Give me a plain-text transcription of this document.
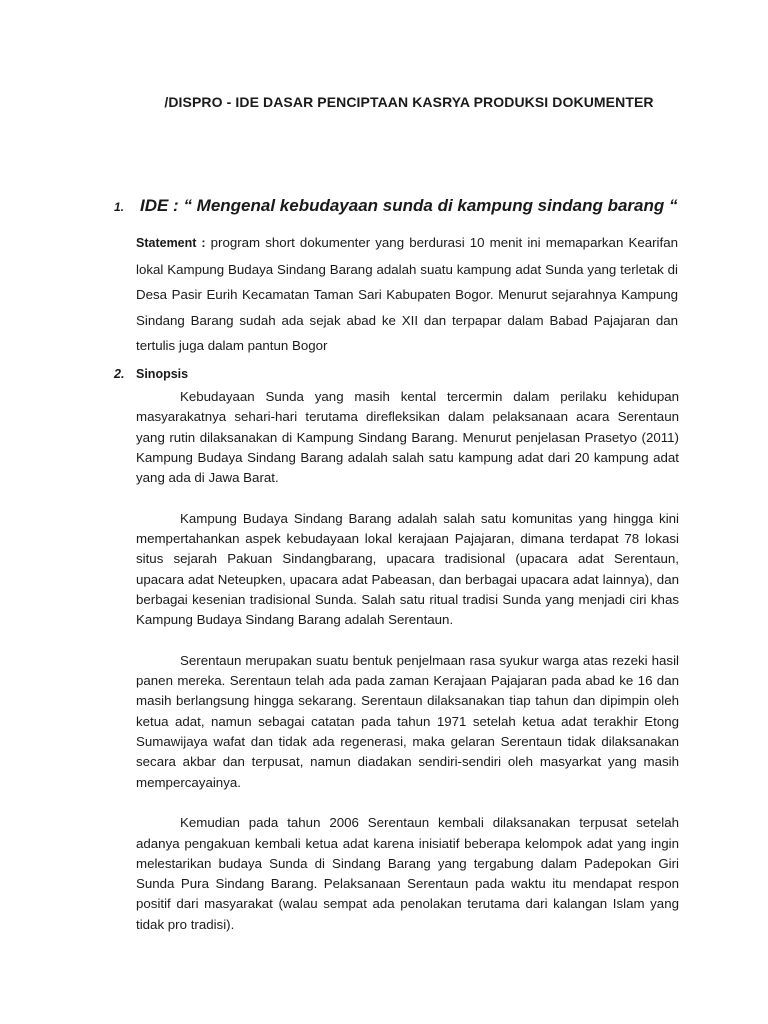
/DISPRO - IDE DASAR PENCIPTAAN KASRYA PRODUKSI DOKUMENTER
1. IDE : “ Mengenal kebudayaan sunda di kampung sindang barang “
Statement : program short dokumenter yang berdurasi 10 menit ini memaparkan Kearifan lokal Kampung Budaya Sindang Barang adalah suatu kampung adat Sunda yang terletak di Desa Pasir Eurih Kecamatan Taman Sari Kabupaten Bogor. Menurut sejarahnya Kampung Sindang Barang sudah ada sejak abad ke XII dan terpapar dalam Babad Pajajaran dan tertulis juga dalam pantun Bogor
2. Sinopsis

Kebudayaan Sunda yang masih kental tercermin dalam perilaku kehidupan masyarakatnya sehari-hari terutama direfleksikan dalam pelaksanaan acara Serentaun yang rutin dilaksanakan di Kampung Sindang Barang. Menurut penjelasan Prasetyo (2011) Kampung Budaya Sindang Barang adalah salah satu kampung adat dari 20 kampung adat yang ada di Jawa Barat.

Kampung Budaya Sindang Barang adalah salah satu komunitas yang hingga kini mempertahankan aspek kebudayaan lokal kerajaan Pajajaran, dimana terdapat 78 lokasi situs sejarah Pakuan Sindangbarang, upacara tradisional (upacara adat Serentaun, upacara adat Neteupken, upacara adat Pabeasan, dan berbagai upacara adat lainnya), dan berbagai kesenian tradisional Sunda. Salah satu ritual tradisi Sunda yang menjadi ciri khas Kampung Budaya Sindang Barang adalah Serentaun.

Serentaun merupakan suatu bentuk penjelmaan rasa syukur warga atas rezeki hasil panen mereka. Serentaun telah ada pada zaman Kerajaan Pajajaran pada abad ke 16 dan masih berlangsung hingga sekarang. Serentaun dilaksanakan tiap tahun dan dipimpin oleh ketua adat, namun sebagai catatan pada tahun 1971 setelah ketua adat terakhir Etong Sumawijaya wafat dan tidak ada regenerasi, maka gelaran Serentaun tidak dilaksanakan secara akbar dan terpusat, namun diadakan sendiri-sendiri oleh masyarkat yang masih mempercayainya.

Kemudian pada tahun 2006 Serentaun kembali dilaksanakan terpusat setelah adanya pengakuan kembali ketua adat karena inisiatif beberapa kelompok adat yang ingin melestarikan budaya Sunda di Sindang Barang yang tergabung dalam Padepokan Giri Sunda Pura Sindang Barang. Pelaksanaan Serentaun pada waktu itu mendapat respon positif dari masyarakat (walau sempat ada penolakan terutama dari kalangan Islam yang tidak pro tradisi).
